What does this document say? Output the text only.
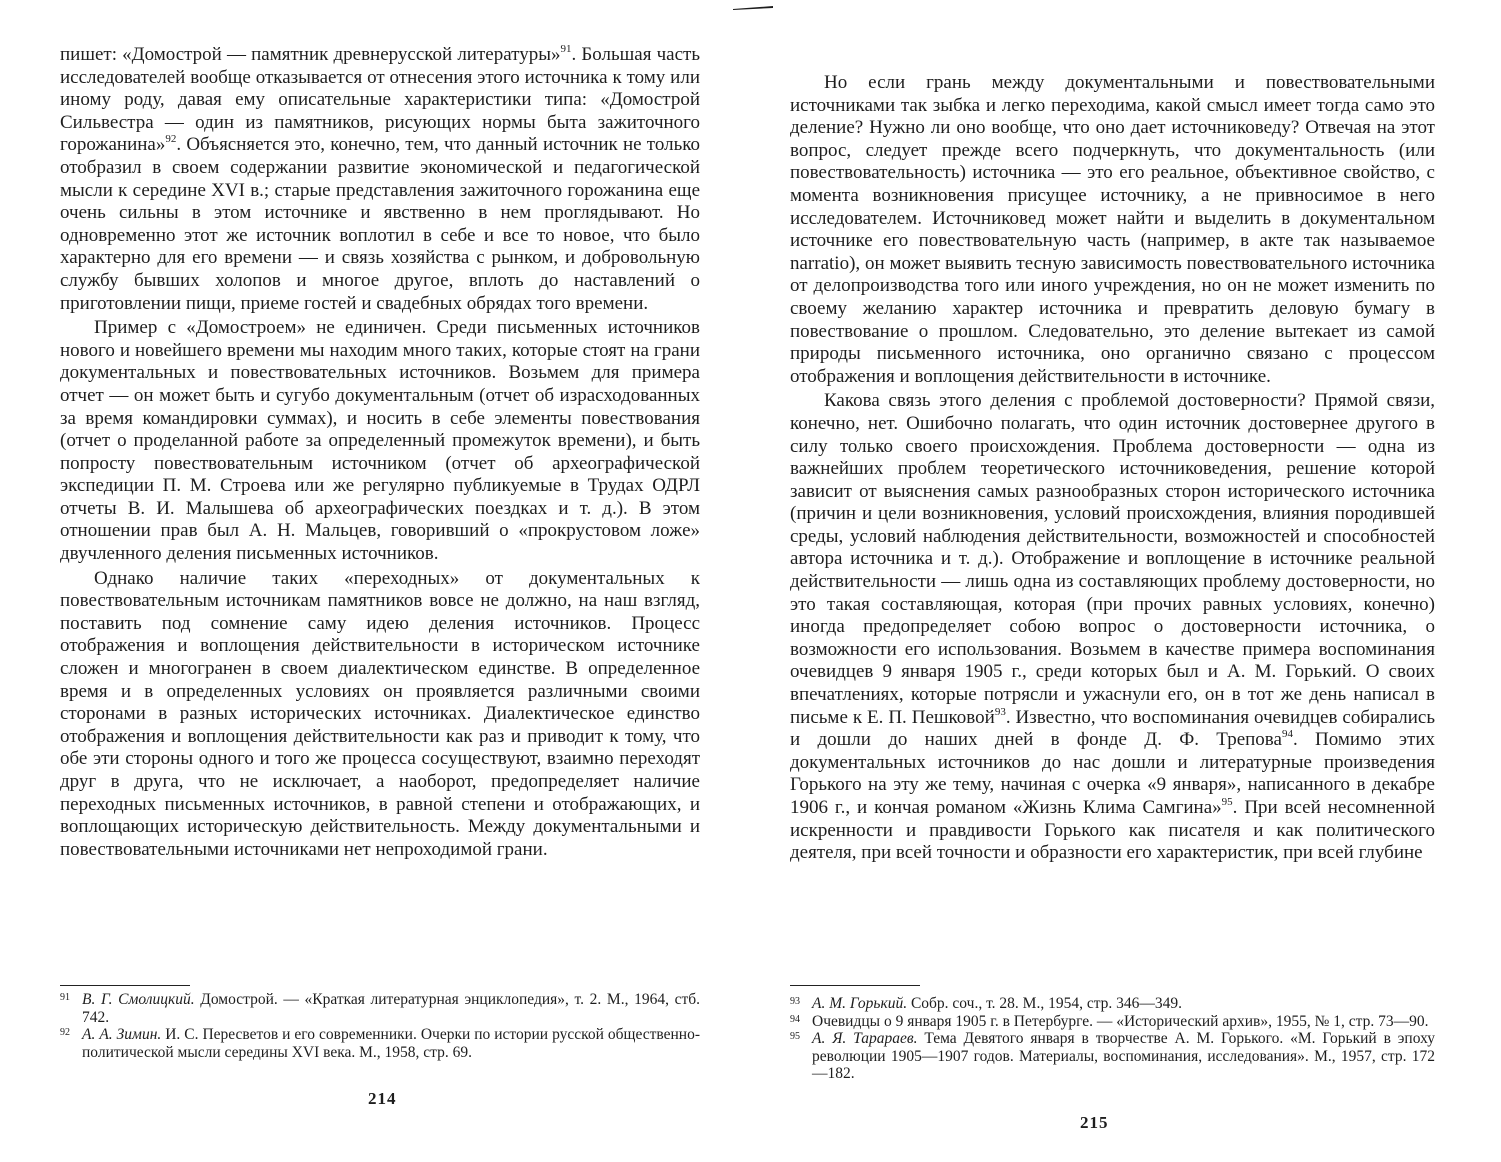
пишет: «Домострой — памятник древнерусской литературы»$^{91}$. Большая часть исследователей вообще отказывается от отнесения этого источника к тому или иному роду, давая ему описательные характеристики типа: «Домострой Сильвестра — один из памятников, рисующих нормы быта зажиточного горожанина»$^{92}$. Объясняется это, конечно, тем, что данный источник не только отобразил в своем содержании развитие экономической и педагогической мысли к середине XVI в.; старые представления зажиточного горожанина еще очень сильны в этом источнике и явственно в нем проглядывают. Но одновременно этот же источник воплотил в себе и все то новое, что было характерно для его времени — и связь хозяйства с рынком, и добровольную службу бывших холопов и многое другое, вплоть до наставлений о приготовлении пищи, приеме гостей и свадебных обрядах того времени.

Пример с «Домостроем» не единичен. Среди письменных источников нового и новейшего времени мы находим много таких, которые стоят на грани документальных и повествовательных источников. Возьмем для примера отчет — он может быть и сугубо документальным (отчет об израсходованных за время командировки суммах), и носить в себе элементы повествования (отчет о проделанной работе за определенный промежуток времени), и быть попросту повествовательным источником (отчет об археографической экспедиции П. М. Строева или же регулярно публикуемые в Трудах ОДРЛ отчеты В. И. Малышева об археографических поездках и т. д.). В этом отношении прав был А. Н. Мальцев, говоривший о «прокрустовом ложе» двучленного деления письменных источников.

Однако наличие таких «переходных» от документальных к повествовательным источникам памятников вовсе не должно, на наш взгляд, поставить под сомнение саму идею деления источников. Процесс отображения и воплощения действительности в историческом источнике сложен и многогранен в своем диалектическом единстве. В определенное время и в определенных условиях он проявляется различными своими сторонами в разных исторических источниках. Диалектическое единство отображения и воплощения действительности как раз и приводит к тому, что обе эти стороны одного и того же процесса сосуществуют, взаимно переходят друг в друга, что не исключает, а наоборот, предопределяет наличие переходных письменных источников, в равной степени и отображающих, и воплощающих историческую действительность. Между документальными и повествовательными источниками нет непроходимой грани.

91 В. Г. Смолицкий. Домострой. — «Краткая литературная энциклопедия», т. 2. М., 1964, стб. 742.

92 А. А. Зимин. И. С. Пересветов и его современники. Очерки по истории русской общественно-политической мысли середины XVI века. М., 1958, стр. 69.

214

Но если грань между документальными и повествовательными источниками так зыбка и легко переходима, какой смысл имеет тогда само это деление? Нужно ли оно вообще, что оно дает источниковеду? Отвечая на этот вопрос, следует прежде всего подчеркнуть, что документальность (или повествовательность) источника — это его реальное, объективное свойство, с момента возникновения присущее источнику, а не привносимое в него исследователем. Источниковед может найти и выделить в документальном источнике его повествовательную часть (например, в акте так называемое narratio), он может выявить тесную зависимость повествовательного источника от делопроизводства того или иного учреждения, но он не может изменить по своему желанию характер источника и превратить деловую бумагу в повествование о прошлом. Следовательно, это деление вытекает из самой природы письменного источника, оно органично связано с процессом отображения и воплощения действительности в источнике.

Какова связь этого деления с проблемой достоверности? Прямой связи, конечно, нет. Ошибочно полагать, что один источник достовернее другого в силу только своего происхождения. Проблема достоверности — одна из важнейших проблем теоретического источниковедения, решение которой зависит от выяснения самых разнообразных сторон исторического источника (причин и цели возникновения, условий происхождения, влияния породившей среды, условий наблюдения действительности, возможностей и способностей автора источника и т. д.). Отображение и воплощение в источнике реальной действительности — лишь одна из составляющих проблему достоверности, но это такая составляющая, которая (при прочих равных условиях, конечно) иногда предопределяет собою вопрос о достоверности источника, о возможности его использования. Возьмем в качестве примера воспоминания очевидцев 9 января 1905 г., среди которых был и А. М. Горький. О своих впечатлениях, которые потрясли и ужаснули его, он в тот же день написал в письме к Е. П. Пешковой$^{93}$. Известно, что воспоминания очевидцев собирались и дошли до наших дней в фонде Д. Ф. Трепова$^{94}$. Помимо этих документальных источников до нас дошли и литературные произведения Горького на эту же тему, начиная с очерка «9 января», написанного в декабре 1906 г., и кончая романом «Жизнь Клима Самгина»$^{95}$. При всей несомненной искренности и правдивости Горького как писателя и как политического деятеля, при всей точности и образности его характеристик, при всей глубине

93 А. М. Горький. Собр. соч., т. 28. М., 1954, стр. 346—349.

94 Очевидцы о 9 января 1905 г. в Петербурге. — «Исторический архив», 1955, № 1, стр. 73—90.

95 А. Я. Тарараев. Тема Девятого января в творчестве А. М. Горького. «М. Горький в эпоху революции 1905—1907 годов. Материалы, воспоминания, исследования». М., 1957, стр. 172—182.

215
